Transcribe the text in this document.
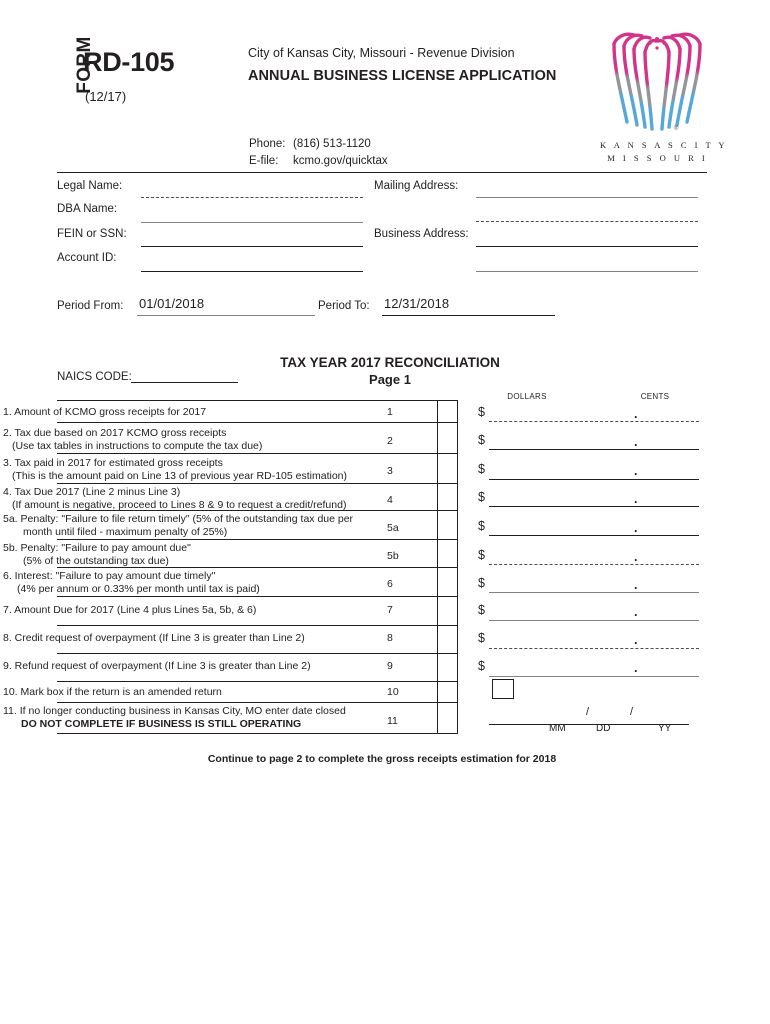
FORM
RD-105
(12/17)
City of Kansas City, Missouri - Revenue Division
ANNUAL BUSINESS LICENSE APPLICATION
Phone: (816) 513-1120
E-file: kcmo.gov/quicktax
®
K A N S A S C I T Y
M I S S O U R I
Legal Name:
DBA Name:
FEIN or SSN:
Account ID:
Mailing Address:
Business Address:
Period From: 01/01/2018	Period To: 12/31/2018
TAX YEAR 2017 RECONCILIATION
Page 1
NAICS CODE:
DOLLARS	CENTS
1. Amount of KCMO gross receipts for 2017	1	$	.
2. Tax due based on 2017 KCMO gross receipts
(Use tax tables in instructions to compute the tax due)	2	$	.
3. Tax paid in 2017 for estimated gross receipts
(This is the amount paid on Line 13 of previous year RD-105 estimation)	3	$	.
4. Tax Due 2017 (Line 2 minus Line 3)
(If amount is negative, proceed to Lines 8 & 9 to request a credit/refund)	4	$	.
5a. Penalty: "Failure to file return timely" (5% of the outstanding tax due per
month until filed - maximum penalty of 25%)	5a	$	.
5b. Penalty: "Failure to pay amount due"
(5% of the outstanding tax due)	5b	$	.
6. Interest: "Failure to pay amount due timely"
(4% per annum or 0.33% per month until tax is paid)	6	$	.
7. Amount Due for 2017 (Line 4 plus Lines 5a, 5b, & 6)	7	$	.
8. Credit request of overpayment (If Line 3 is greater than Line 2)	8	$	.
9. Refund request of overpayment (If Line 3 is greater than Line 2)	9	$	.
10. Mark box if the return is an amended return	10
11. If no longer conducting business in Kansas City, MO enter date closed
DO NOT COMPLETE IF BUSINESS IS STILL OPERATING	11
/	/
MM	DD	YY
Continue to page 2 to complete the gross receipts estimation for 2018
